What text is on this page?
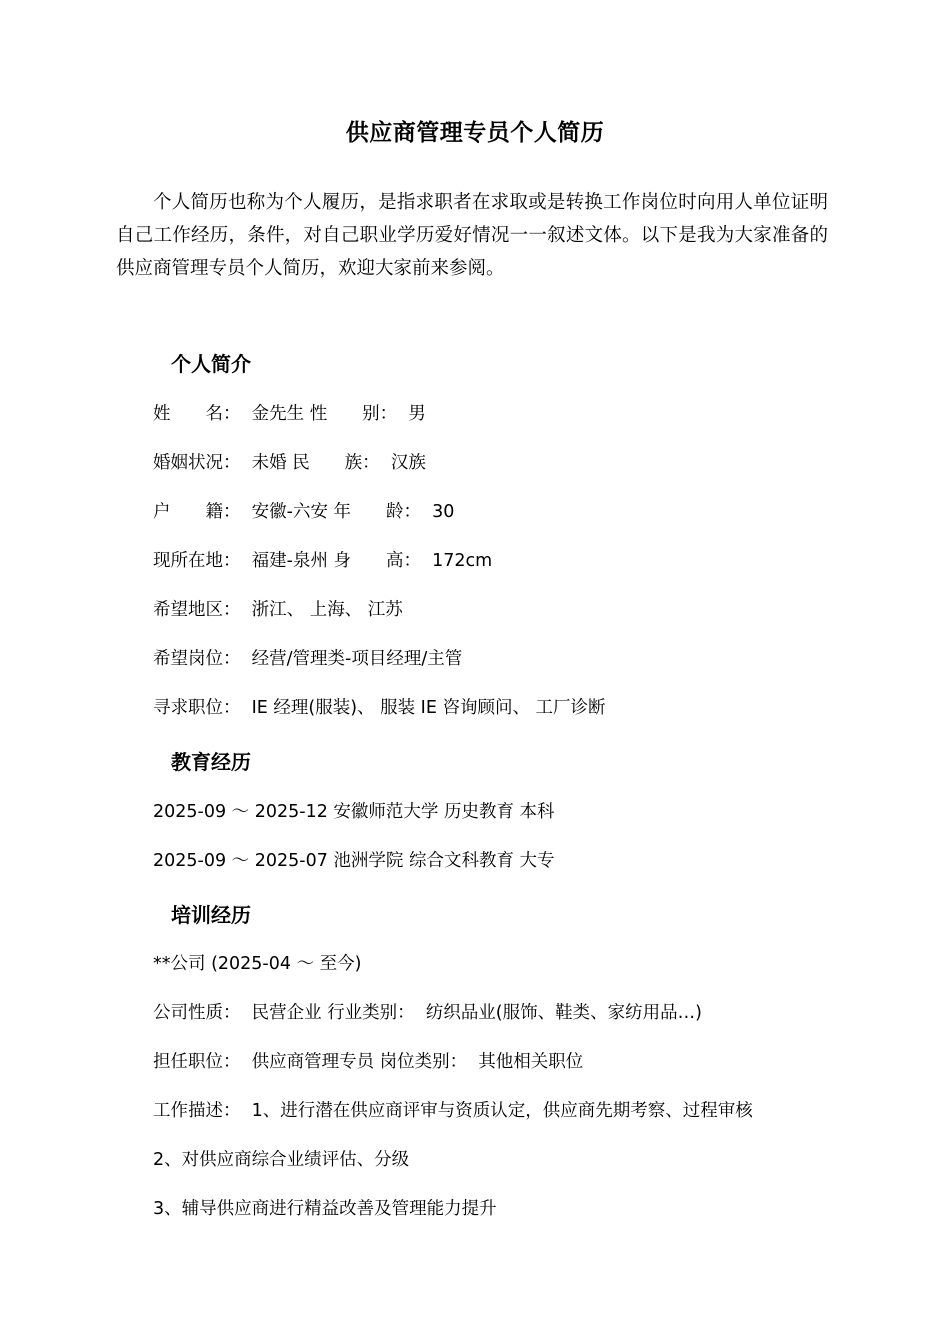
供应商管理专员个人简历
个人简历也称为个人履历，是指求职者在求取或是转换工作岗位时向用人单位证明自己工作经历，条件，对自己职业学历爱好情况一一叙述文体。以下是我为大家准备的供应商管理专员个人简历，欢迎大家前来参阅。
个人简介
姓　　名：  金先生 性　　别：  男
婚姻状况：  未婚 民　　族：  汉族
户　　籍：  安徽-六安 年　　龄：  30
现所在地：  福建-泉州 身　　高：  172cm
希望地区：  浙江、 上海、 江苏
希望岗位：  经营/管理类-项目经理/主管
寻求职位：  IE 经理(服装)、 服装 IE 咨询顾问、 工厂诊断
教育经历
2025-09 ～ 2025-12 安徽师范大学 历史教育 本科
2025-09 ～ 2025-07 池洲学院 综合文科教育 大专
培训经历
**公司 (2025-04 ～ 至今)
公司性质：  民营企业 行业类别：  纺织品业(服饰、鞋类、家纺用品…)
担任职位：  供应商管理专员 岗位类别：  其他相关职位
工作描述：  1、进行潜在供应商评审与资质认定，供应商先期考察、过程审核
2、对供应商综合业绩评估、分级
3、辅导供应商进行精益改善及管理能力提升
